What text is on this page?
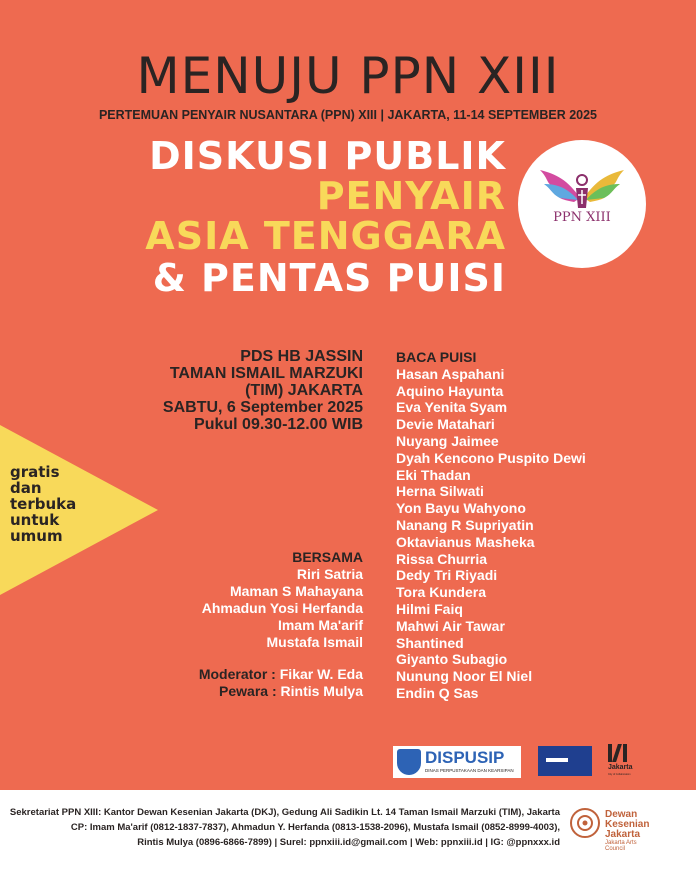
MENUJU PPN XIII
PERTEMUAN PENYAIR NUSANTARA (PPN) XIII | JAKARTA, 11-14 SEPTEMBER 2025
DISKUSI PUBLIK
PENYAIR
ASIA TENGGARA
& PENTAS PUISI
PPN XIII
PDS HB JASSIN
TAMAN ISMAIL MARZUKI
(TIM) JAKARTA
SABTU, 6 September 2025
Pukul 09.30-12.00 WIB
gratis
dan
terbuka
untuk
umum
BERSAMA
Riri Satria
Maman S Mahayana
Ahmadun Yosi Herfanda
Imam Ma'arif
Mustafa Ismail
Moderator : Fikar W. Eda
Pewara : Rintis Mulya
BACA PUISI
Hasan Aspahani
Aquino Hayunta
Eva Yenita Syam
Devie Matahari
Nuyang Jaimee
Dyah Kencono Puspito Dewi
Eki Thadan
Herna Silwati
Yon Bayu Wahyono
Nanang R Supriyatin
Oktavianus Masheka
Rissa Churria
Dedy Tri Riyadi
Tora Kundera
Hilmi Faiq
Mahwi Air Tawar
Shantined
Giyanto Subagio
Nunung Noor El Niel
Endin Q Sas
DISPUSIP
DINAS PERPUSTAKAAN DAN KEARSIPAN	Jakarta
City of Collaboration
Sekretariat PPN XIII: Kantor Dewan Kesenian Jakarta (DKJ), Gedung Ali Sadikin Lt. 14 Taman Ismail Marzuki (TIM), Jakarta
CP: Imam Ma'arif (0812-1837-7837), Ahmadun Y. Herfanda (0813-1538-2096), Mustafa Ismail (0852-8999-4003),
Rintis Mulya (0896-6866-7899) | Surel: ppnxiii.id@gmail.com | Web: ppnxiii.id | IG: @ppnxxx.id
Dewan
Kesenian
Jakarta
Jakarta Arts
Council
